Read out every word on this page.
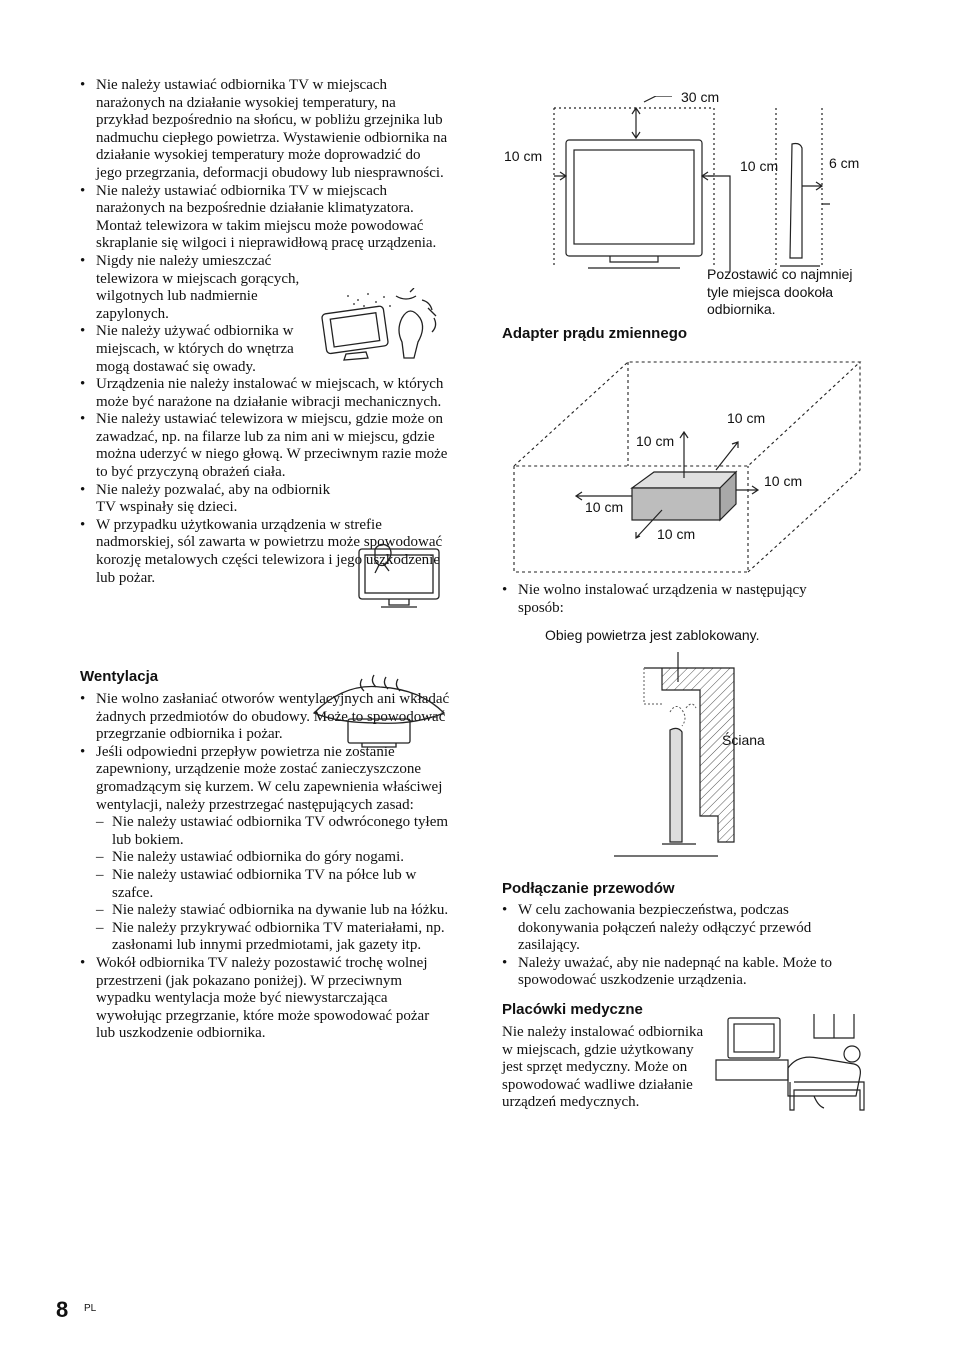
• Nie należy ustawiać odbiornika TV w miejscach narażonych na działanie wysokiej temperatury, na przykład bezpośrednio na słońcu, w pobliżu grzejnika lub nadmuchu ciepłego powietrza. Wystawienie odbiornika na działanie wysokiej temperatury może doprowadzić do jego przegrzania, deformacji obudowy lub niesprawności.
• Nie należy ustawiać odbiornika TV w miejscach narażonych na bezpośrednie działanie klimatyzatora. Montaż telewizora w takim miejscu może powodować skraplanie się wilgoci i nieprawidłową pracę urządzenia.
• Nigdy nie należy umieszczać telewizora w miejscach gorących, wilgotnych lub nadmiernie zapylonych.
• Nie należy używać odbiornika w miejscach, w których do wnętrza mogą dostawać się owady.
• Urządzenia nie należy instalować w miejscach, w których może być narażone na działanie wibracji mechanicznych.
• Nie należy ustawiać telewizora w miejscu, gdzie może on zawadzać, np. na filarze lub za nim ani w miejscu, gdzie można uderzyć w niego głową. W przeciwnym razie może to być przyczyną obrażeń ciała.
• Nie należy pozwalać, aby na odbiornik TV wspinały się dzieci.
• W przypadku użytkowania urządzenia w strefie nadmorskiej, sól zawarta w powietrzu może spowodować korozję metalowych części telewizora i jego uszkodzenie lub pożar.
Wentylacja
• Nie wolno zasłaniać otworów wentylacyjnych ani wkładać żadnych przedmiotów do obudowy. Może to spowodować przegrzanie odbiornika i pożar.
• Jeśli odpowiedni przepływ powietrza nie zostanie zapewniony, urządzenie może zostać zanieczyszczone gromadzącym się kurzem. W celu zapewnienia właściwej wentylacji, należy przestrzegać następujących zasad:
– Nie należy ustawiać odbiornika TV odwróconego tyłem lub bokiem.
– Nie należy ustawiać odbiornika do góry nogami.
– Nie należy ustawiać odbiornika TV na półce lub w szafce.
– Nie należy stawiać odbiornika na dywanie lub na łóżku.
– Nie należy przykrywać odbiornika TV materiałami, np. zasłonami lub innymi przedmiotami, jak gazety itp.
• Wokół odbiornika TV należy pozostawić trochę wolnej przestrzeni (jak pokazano poniżej). W przeciwnym wypadku wentylacja może być niewystarczająca wywołując przegrzanie, które może spowodować pożar lub uszkodzenie odbiornika.
30 cm
10 cm
10 cm	6 cm
Pozostawić co najmniej tyle miejsca dookoła odbiornika.
Adapter prądu zmiennego
10 cm
10 cm
10 cm
10 cm
10 cm
• Nie wolno instalować urządzenia w następujący sposób:
Obieg powietrza jest zablokowany.
Ściana
Podłączanie przewodów
• W celu zachowania bezpieczeństwa, podczas dokonywania połączeń należy odłączyć przewód zasilający.
• Należy uważać, aby nie nadepnąć na kable. Może to spowodować uszkodzenie urządzenia.
Placówki medyczne
Nie należy instalować odbiornika w miejscach, gdzie użytkowany jest sprzęt medyczny. Może on spowodować wadliwe działanie urządzeń medycznych.
8 PL
